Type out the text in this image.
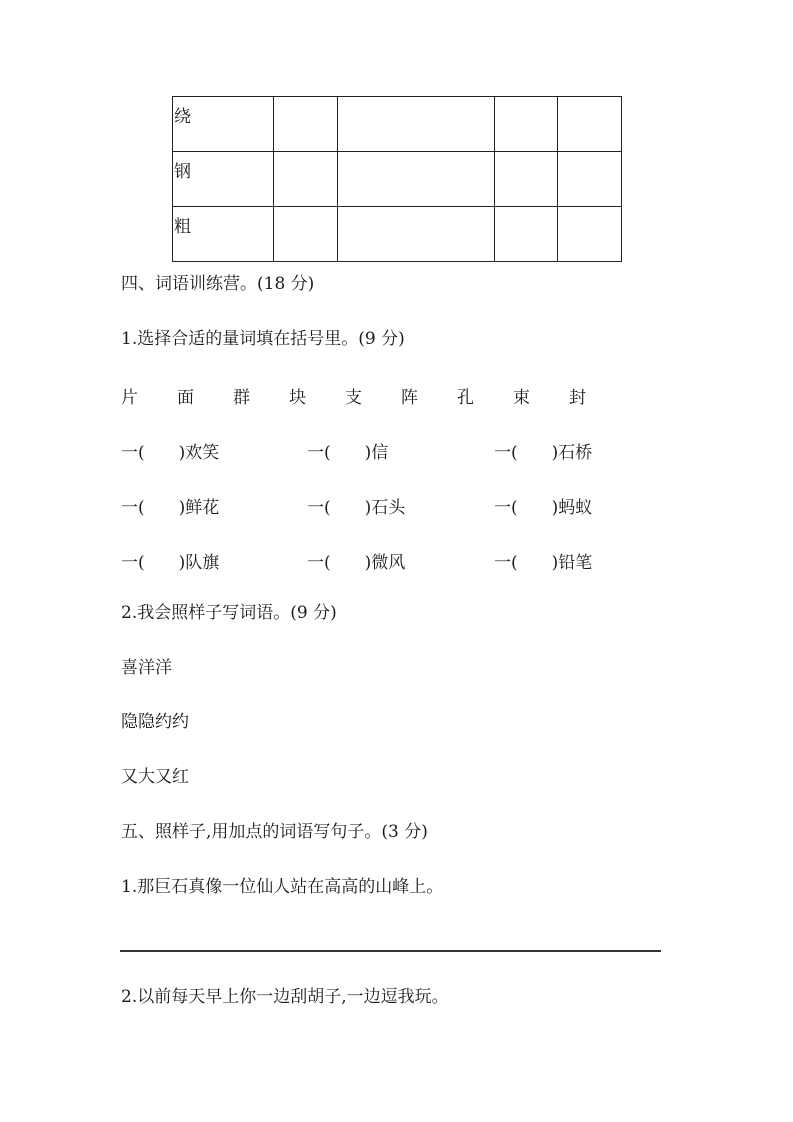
绕				
钢				
粗				
四、词语训练营。(18 分)
1.选择合适的量词填在括号里。(9 分)
片 面 群 块 支 阵 孔 束 封
一(　　)欢笑	一(　　)信	一(　　)石桥
一(　　)鲜花	一(　　)石头	一(　　)蚂蚁
一(　　)队旗	一(　　)微风	一(　　)铅笔
2.我会照样子写词语。(9 分)
喜洋洋
隐隐约约
又大又红
五、照样子,用加点的词语写句子。(3 分)
1.那巨石真像一位仙人站在高高的山峰上。
2.以前每天早上你一边刮胡子,一边逗我玩。
